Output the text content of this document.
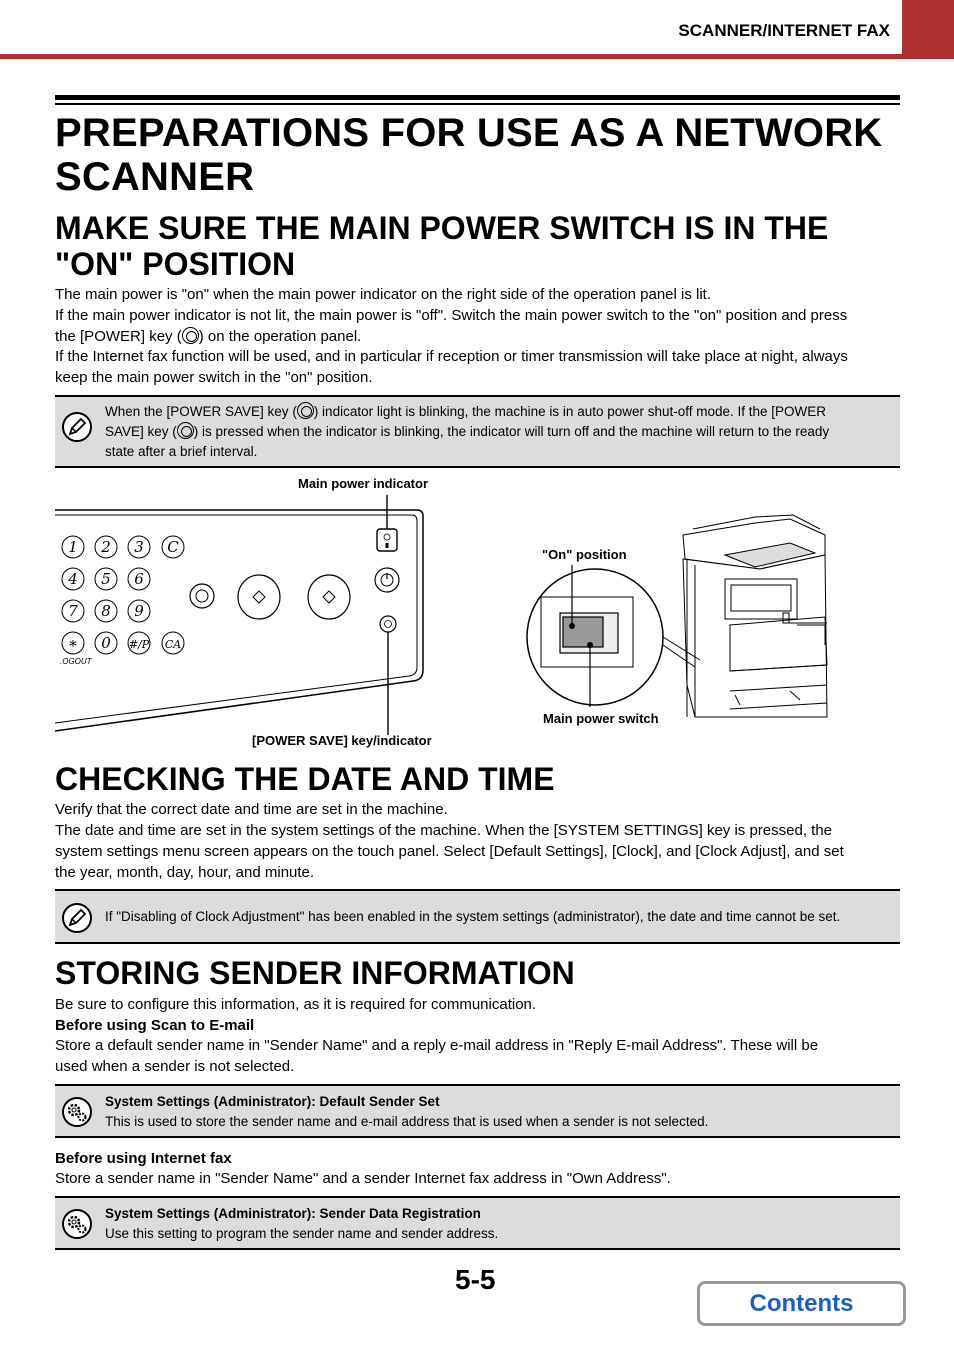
SCANNER/INTERNET FAX
PREPARATIONS FOR USE AS A NETWORK SCANNER
MAKE SURE THE MAIN POWER SWITCH IS IN THE "ON" POSITION
The main power is "on" when the main power indicator on the right side of the operation panel is lit.
If the main power indicator is not lit, the main power is "off". Switch the main power switch to the "on" position and press
the [POWER] key ( ) on the operation panel.
If the Internet fax function will be used, and in particular if reception or timer transmission will take place at night, always
keep the main power switch in the "on" position.
When the [POWER SAVE] key ( ) indicator light is blinking, the machine is in auto power shut-off mode. If the [POWER
SAVE] key ( ) is pressed when the indicator is blinking, the indicator will turn off and the machine will return to the ready
state after a brief interval.
Main power indicator
[POWER SAVE] key/indicator
"On" position
Main power switch
1 2 3 C
4 5 6
7 8 9
∗ 0 #/P CA
.OGOUT
CHECKING THE DATE AND TIME
Verify that the correct date and time are set in the machine.
The date and time are set in the system settings of the machine. When the [SYSTEM SETTINGS] key is pressed, the
system settings menu screen appears on the touch panel. Select [Default Settings], [Clock], and [Clock Adjust], and set
the year, month, day, hour, and minute.
If "Disabling of Clock Adjustment" has been enabled in the system settings (administrator), the date and time cannot be set.
STORING SENDER INFORMATION
Be sure to configure this information, as it is required for communication.
Before using Scan to E-mail
Store a default sender name in "Sender Name" and a reply e-mail address in "Reply E-mail Address". These will be
used when a sender is not selected.
System Settings (Administrator): Default Sender Set
This is used to store the sender name and e-mail address that is used when a sender is not selected.
Before using Internet fax
Store a sender name in "Sender Name" and a sender Internet fax address in "Own Address".
System Settings (Administrator): Sender Data Registration
Use this setting to program the sender name and sender address.
5-5
Contents
